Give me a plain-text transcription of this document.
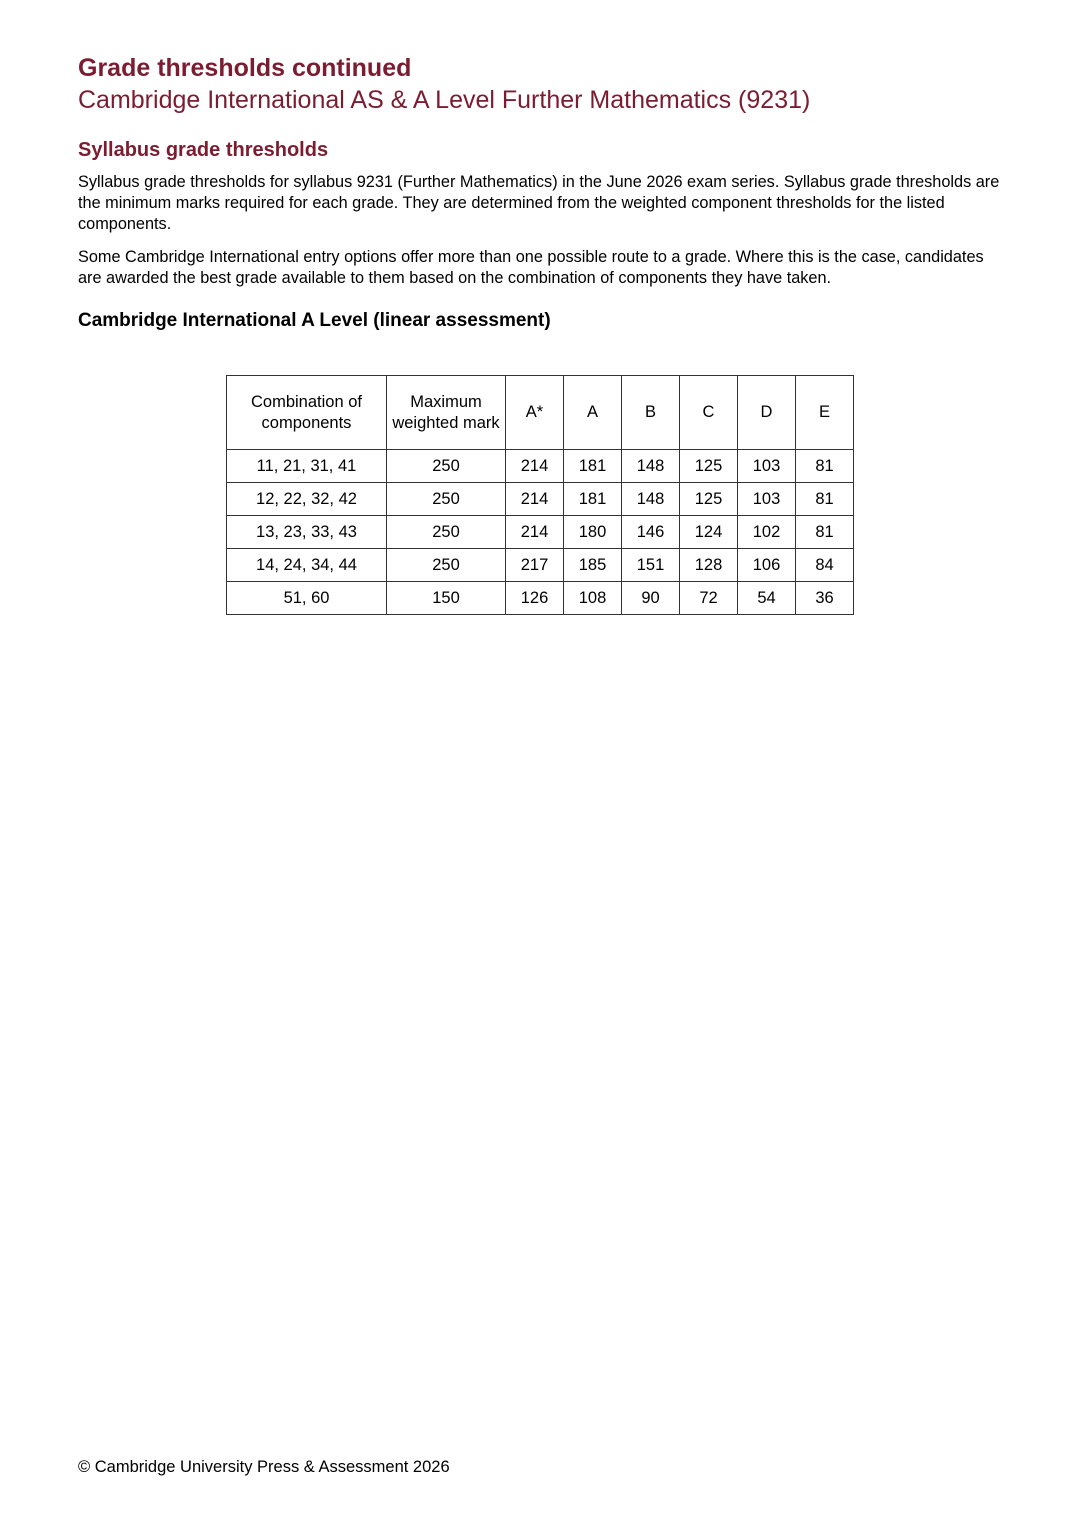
Grade thresholds continued
Cambridge International AS & A Level Further Mathematics (9231)
Syllabus grade thresholds

Syllabus grade thresholds for syllabus 9231 (Further Mathematics) in the June 2026 exam series. Syllabus grade thresholds are the minimum marks required for each grade. They are determined from the weighted component thresholds for the listed components.

Some Cambridge International entry options offer more than one possible route to a grade. Where this is the case, candidates are awarded the best grade available to them based on the combination of components they have taken.

Cambridge International A Level (linear assessment)
Combination of components	Maximum weighted mark	A*	A	B	C	D	E
11, 21, 31, 41	250	214	181	148	125	103	81
12, 22, 32, 42	250	214	181	148	125	103	81
13, 23, 33, 43	250	214	180	146	124	102	81
14, 24, 34, 44	250	217	185	151	128	106	84
51, 60	150	126	108	90	72	54	36
© Cambridge University Press & Assessment 2026
